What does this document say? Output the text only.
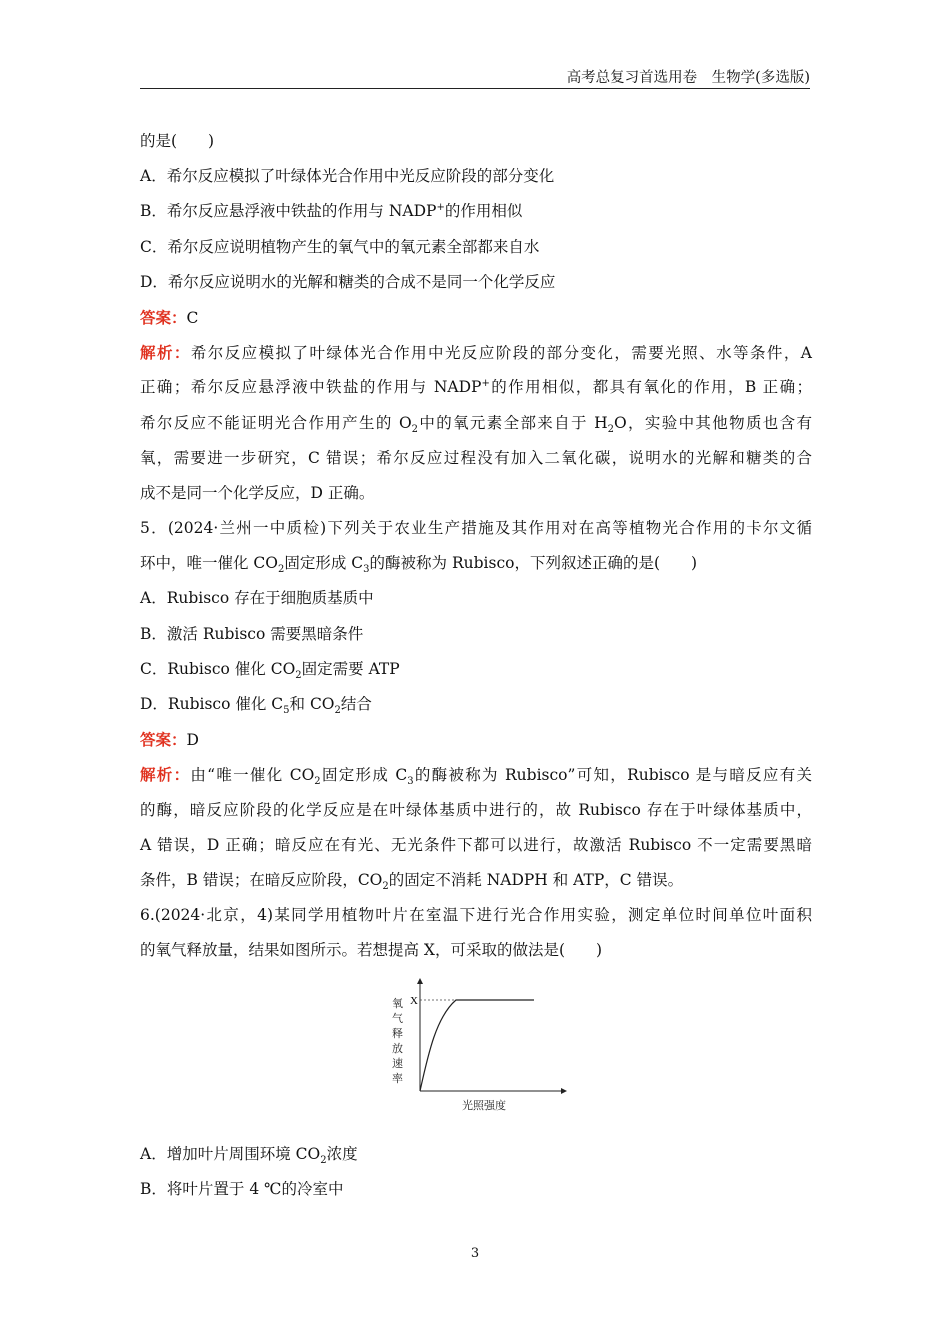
高考总复习首选用卷　生物学(多选版)
的是(　　)
A．希尔反应模拟了叶绿体光合作用中光反应阶段的部分变化
B．希尔反应悬浮液中铁盐的作用与 NADP+的作用相似
C．希尔反应说明植物产生的氧气中的氧元素全部都来自水
D．希尔反应说明水的光解和糖类的合成不是同一个化学反应
答案：C
解析：希尔反应模拟了叶绿体光合作用中光反应阶段的部分变化，需要光照、水等条件，A
正确；希尔反应悬浮液中铁盐的作用与 NADP+的作用相似，都具有氧化的作用，B 正确；
希尔反应不能证明光合作用产生的 $O_2$中的氧元素全部来自于 $H_2O$，实验中其他物质也含有
氧，需要进一步研究，C 错误；希尔反应过程没有加入二氧化碳，说明水的光解和糖类的合
成不是同一个化学反应，D 正确。
5．(2024·兰州一中质检)下列关于农业生产措施及其作用对在高等植物光合作用的卡尔文循
环中，唯一催化 $CO_2$固定形成 $C_3$的酶被称为 Rubisco，下列叙述正确的是(　　)
A．Rubisco 存在于细胞质基质中
B．激活 Rubisco 需要黑暗条件
C．Rubisco 催化 $CO_2$固定需要 ATP
D．Rubisco 催化 $C_5$和 $CO_2$结合
答案：D
解析：由“唯一催化 $CO_2$固定形成 $C_3$的酶被称为 Rubisco”可知，Rubisco 是与暗反应有关
的酶，暗反应阶段的化学反应是在叶绿体基质中进行的，故 Rubisco 存在于叶绿体基质中，
A 错误，D 正确；暗反应在有光、无光条件下都可以进行，故激活 Rubisco 不一定需要黑暗
条件，B 错误；在暗反应阶段，$CO_2$的固定不消耗 NADPH 和 ATP，C 错误。
6.(2024·北京，4)某同学用植物叶片在室温下进行光合作用实验，测定单位时间单位叶面积
的氧气释放量，结果如图所示。若想提高 X，可采取的做法是(　　)
X
氧
气
释
放
速
率
光照强度
A．增加叶片周围环境 $CO_2$浓度
B．将叶片置于 4 ℃的冷室中
3
